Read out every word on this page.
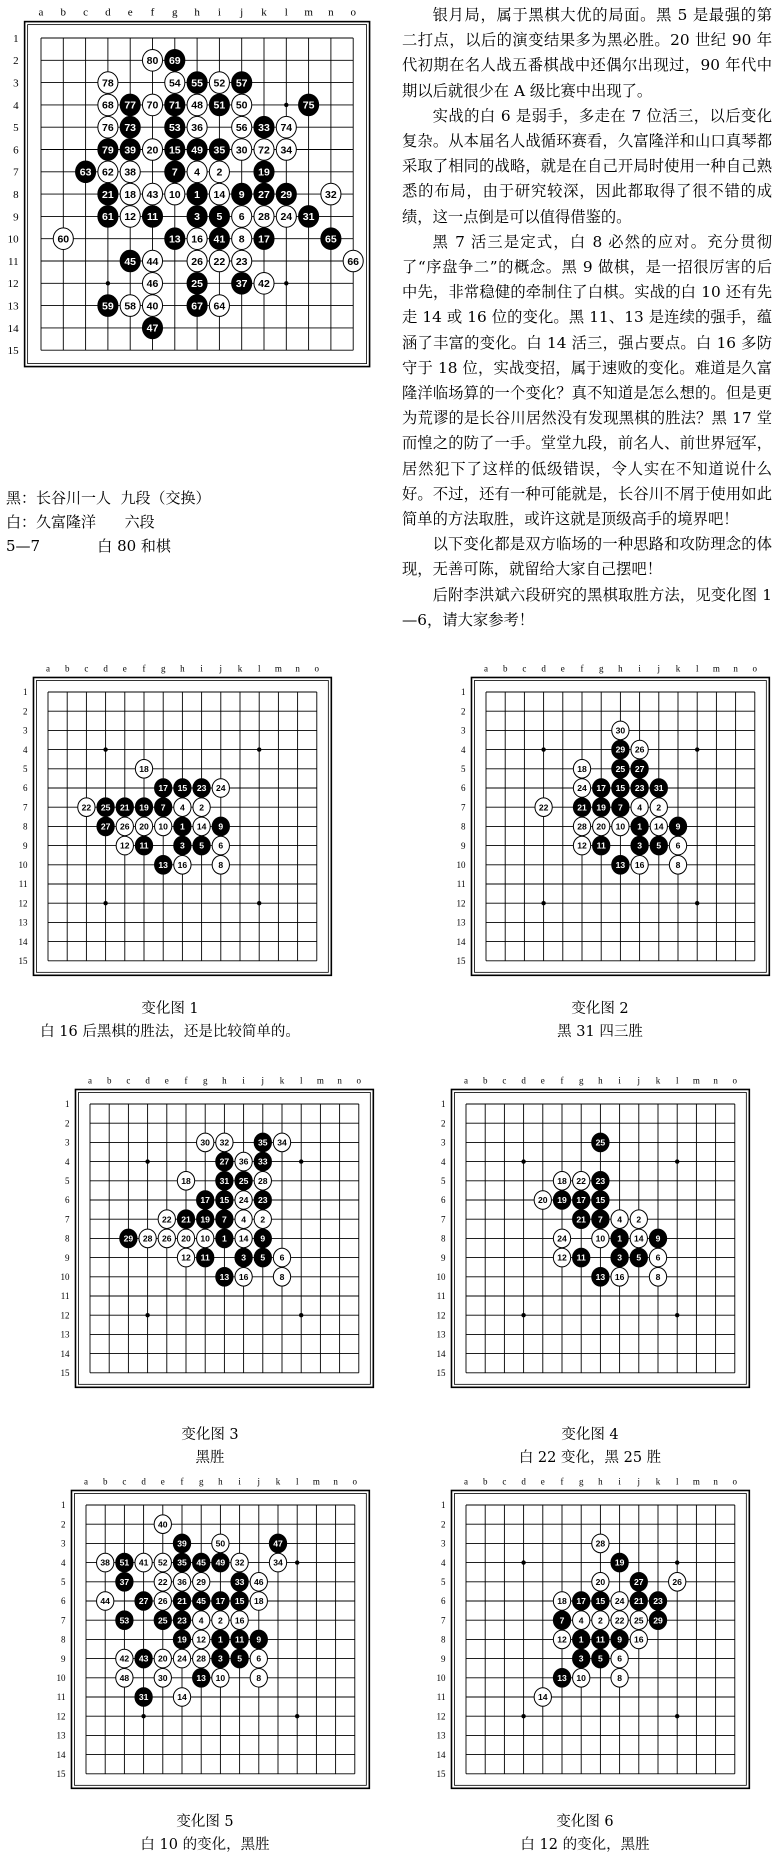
a
1
b
2
c
3
d
4
e
5
f
6
g
7
h
8
i
9
j
10
k
11
l
12
m
13
n
14
o
15
80 69
78	54 55 52 57
68 77 70 71 48 51 50	75
76 73	53 36	56 33 74
79 39 20 15 49 35 30 72 34
63 62 38	7 4 2	19
21 18 43 10 1 14 9 27 29	32
61 12 11	3 5 6 28 24 31
60	13 16 41 8 17	65
45 44	26 22 23	66
46	25	37 42
59 58 40	67 64
47
黑：长谷川一人  九段（交换）
白：久富隆洋      六段
5—7            白 80 和棋

银月局，属于黑棋大优的局面。黑 5 是最强的第二打点，以后的演变结果多为黑必胜。20 世纪 90 年代初期在名人战五番棋战中还偶尔出现过，90 年代中期以后就很少在 A 级比赛中出现了。

实战的白 6 是弱手，多走在 7 位活三，以后变化复杂。从本届名人战循环赛看，久富隆洋和山口真琴都采取了相同的战略，就是在自己开局时使用一种自己熟悉的布局，由于研究较深，因此都取得了很不错的成绩，这一点倒是可以值得借鉴的。

黑 7 活三是定式，白 8 必然的应对。充分贯彻了“序盘争二”的概念。黑 9 做棋，是一招很厉害的后中先，非常稳健的牵制住了白棋。实战的白 10 还有先走 14 或 16 位的变化。黑 11、13 是连续的强手，蕴涵了丰富的变化。白 14 活三，强占要点。白 16 多防守于 18 位，实战变招，属于速败的变化。难道是久富隆洋临场算的一个变化？真不知道是怎么想的。但是更为荒谬的是长谷川居然没有发现黑棋的胜法？黑 17 堂而惶之的防了一手。堂堂九段，前名人、前世界冠军，居然犯下了这样的低级错误，令人实在不知道说什么好。不过，还有一种可能就是，长谷川不屑于使用如此简单的方法取胜，或许这就是顶级高手的境界吧！

以下变化都是双方临场的一种思路和攻防理念的体现，无善可陈，就留给大家自己摆吧！

后附李洪斌六段研究的黑棋取胜方法，见变化图 1—6，请大家参考！

a
1
b
2
c
3
d
4
e
5
f
6
g
7
h
8
i
9
j
10
k
11
l
12
m
13
n
14
o
15
18
17 15 23 24
22 25 21 19 7 4 2
27 26 20 10 1 14 9
12 11	3 5 6
13 16	8
变化图 1
白 16 后黑棋的胜法，还是比较简单的。
a
1
b
2
c
3
d
4
e
5
f
6
g
7
h
8
i
9
j
10
k
11
l
12
m
13
n
14
o
15
30
29 26
18	25 27
24 17 15 23 31
22	21 19 7 4 2
28 20 10 1 14 9
12 11	3 5 6
13 16	8
变化图 2
黑 31 四三胜
a
1
b
2
c
3
d
4
e
5
f
6
g
7
h
8
i
9
j
10
k
11
l
12
m
13
n
14
o
15
30 32	35 34
27 36 33
18	31 25 28
17 15 24 23
22 21 19 7 4 2
29 28 26 20 10 1 14 9
12 11	3 5 6
13 16	8
变化图 3
黑胜
a
1
b
2
c
3
d
4
e
5
f
6
g
7
h
8
i
9
j
10
k
11
l
12
m
13
n
14
o
15
25
23
18 22
20 19 17 15
21 7 4 2
24	10 1 14 9
12 11	3 5 6
13 16	8
变化图 4
白 22 变化，黑 25 胜
a
1
b
2
c
3
d
4
e
5
f
6
g
7
h
8
i
9
j
10
k
11
l
12
m
13
n
14
o
15
40
39	50	47
38 51 41 52 35 45 49 32	34
37	22 36 29	33 46
44	27 26 21 45 17 15 18
53	25 23 4 2 16
19 12 1 11 9
42 43 20 24 28 3 5 6
48	30	13 10	8
31	14
变化图 5
白 10 的变化，黑胜
a
1
b
2
c
3
d
4
e
5
f
6
g
7
h
8
i
9
j
10
k
11
l
12
m
13
n
14
o
15
28
19
20	27	26
18 17 15 24 21 23
7 4 2 22 25 29
12 1 11 9 16
3 5 6
13 10	8
14
变化图 6
白 12 的变化，黑胜
